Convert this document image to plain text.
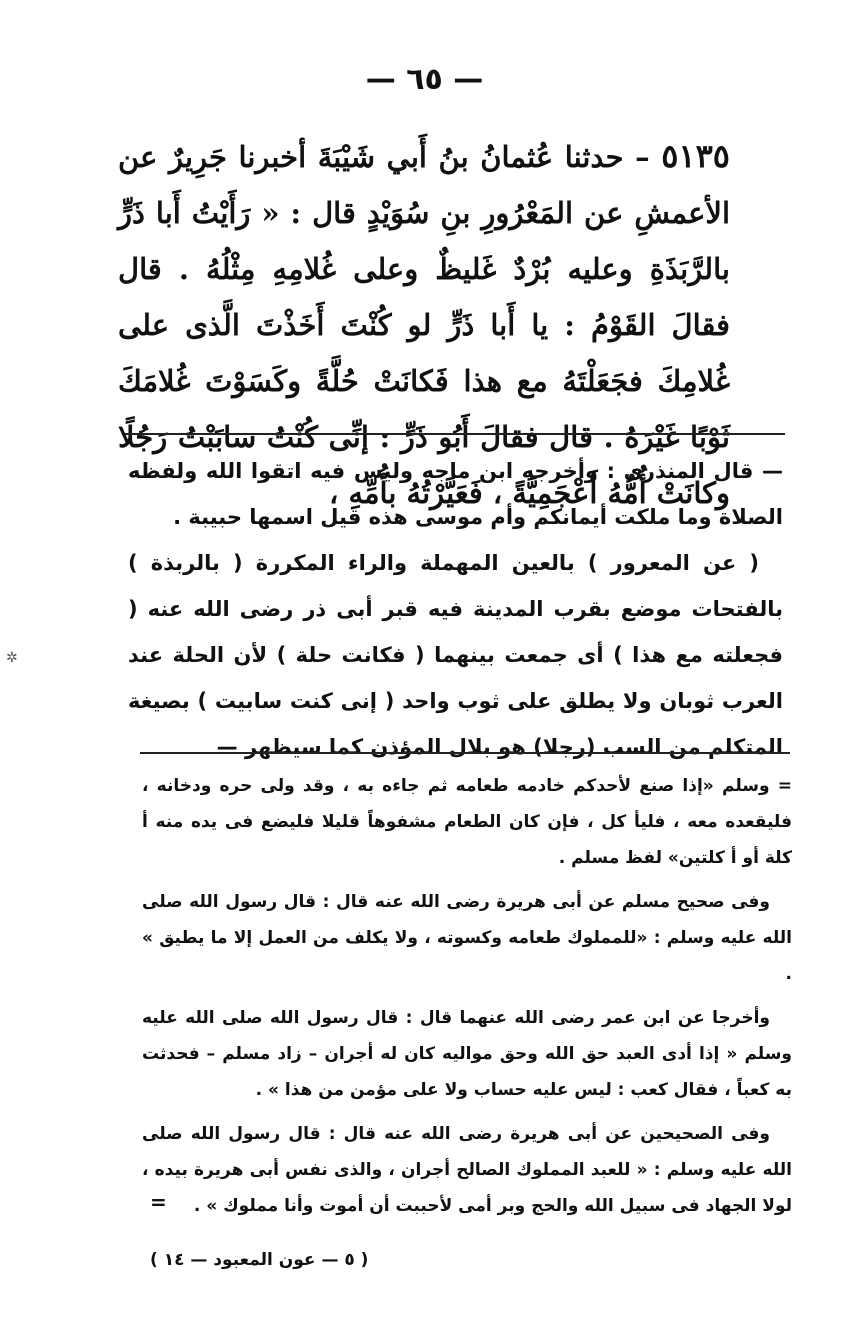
— ٦٥ —
٥١٣٥ – حدثنا عُثمانُ بنُ أَبي شَيْبَةَ أخبرنا جَرِيرٌ عن الأعمشِ عن المَعْرُورِ بنِ سُوَيْدٍ قال : « رَأَيْتُ أَبا ذَرٍّ بالرَّبَذَةِ وعليه بُرْدٌ غَليظٌ وعلى غُلامِهِ مِثْلُهُ . قال فقالَ القَوْمُ : يا أَبا ذَرٍّ لو كُنْتَ أَخَذْتَ الَّذى على غُلامِكَ فجَعَلْتَهُ مع هذا فَكانَتْ حُلَّةً وكَسَوْتَ غُلامَكَ ثَوْبًا غَيْرَهُ . قال فقالَ أَبُو ذَرٍّ : إنِّى كُنْتُ سابَبْتُ رَجُلًا وكانَتْ أُمُّهُ أَعْجَمِيَّةً ، فَعَيَّرْتُهُ بأُمِّهِ ،

— قال المنذرى : وأخرجه ابن ماجه وليس فيه اتقوا الله ولفظه الصلاة وما ملكت أيمانكم وأم موسى هذه قيل اسمها حبيبة .

( عن المعرور ) بالعين المهملة والراء المكررة ( بالربذة ) بالفتحات موضع بقرب المدينة فيه قبر أبى ذر رضى الله عنه ( فجعلته مع هذا ) أى جمعت بينهما ( فكانت حلة ) لأن الحلة عند العرب ثوبان ولا يطلق على ثوب واحد ( إنى كنت سابيت ) بصيغة المتكلم من السب (رجلا) هو بلال المؤذن كما سيظهر —

= وسلم «إذا صنع لأحدكم خادمه طعامه ثم جاءه به ، وقد ولى حره ودخانه ، فليقعده معه ، فليأ كل ، فإن كان الطعام مشفوهاً قليلا فليضع فى يده منه أ كلة أو أ كلتين» لفظ مسلم .

وفى صحيح مسلم عن أبى هريرة رضى الله عنه قال : قال رسول الله صلى الله عليه وسلم : «للمملوك طعامه وكسوته ، ولا يكلف من العمل إلا ما يطيق » .

وأخرجا عن ابن عمر رضى الله عنهما قال : قال رسول الله صلى الله عليه وسلم « إذا أدى العبد حق الله وحق مواليه كان له أجران – زاد مسلم – فحدثت به كعباً ، فقال كعب : ليس عليه حساب ولا على مؤمن من هذا » .

وفى الصحيحين عن أبى هريرة رضى الله عنه قال : قال رسول الله صلى الله عليه وسلم : « للعبد المملوك الصالح أجران ، والذى نفس أبى هريرة بيده ، لولا الجهاد فى سبيل الله والحج وبر أمى لأحببت أن أموت وأنا مملوك » .

=
( ٥ — عون المعبود — ١٤ )
✲
